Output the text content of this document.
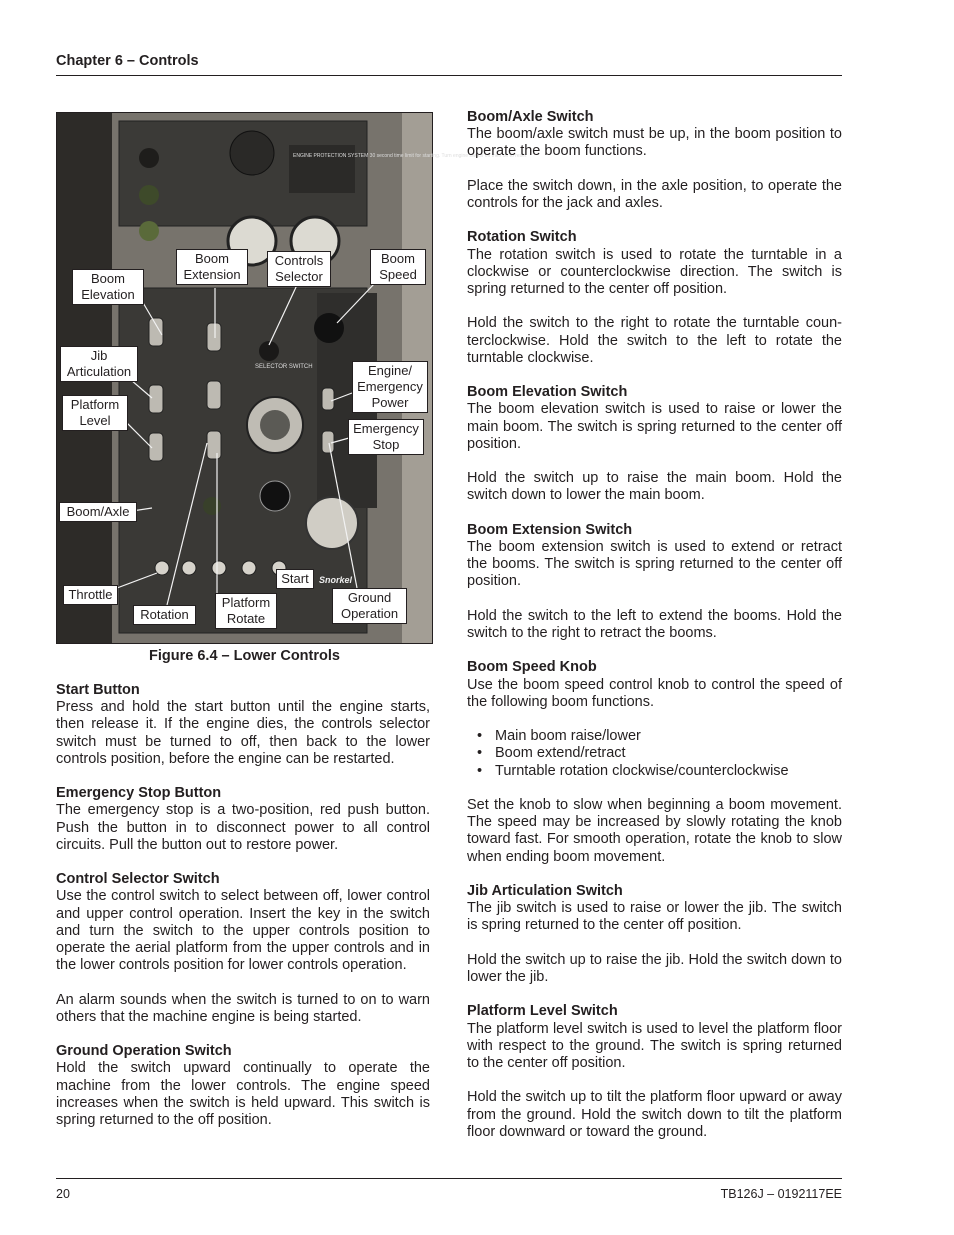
Chapter 6 – Controls
ENGINE PROTECTION SYSTEM 30 second time limit for starting. Turn engine switch off then on to reset
SELECTOR SWITCH
Snorkel
Boom Elevation
Boom Extension
Controls Selector
Boom Speed
Jib Articulation	Engine/ Emergency Power
Platform Level
Emergency Stop
Boom/Axle
Throttle
Start
Rotation
Platform Rotate
Ground Operation
Figure 6.4 – Lower Controls
Start Button

Press and hold the start button until the engine starts, then release it. If the engine dies, the controls selector switch must be turned to off, then back to the lower controls position, before the engine can be restarted.

Emergency Stop Button

The emergency stop is a two-position, red push button. Push the button in to disconnect power to all control circuits. Pull the button out to restore power.

Control Selector Switch

Use the control switch to select between off, lower control and upper control operation. Insert the key in the switch and turn the switch to the upper controls position to operate the aerial platform from the upper controls and in the lower controls position for lower controls operation.

An alarm sounds when the switch is turned to on to warn others that the machine engine is being started.

Ground Operation Switch

Hold the switch upward continually to operate the machine from the lower controls. The engine speed increases when the switch is held upward. This switch is spring returned to the off position.

Boom/Axle Switch

The boom/axle switch must be up, in the boom position to operate the boom functions.

Place the switch down, in the axle position, to operate the controls for the jack and axles.

Rotation Switch

The rotation switch is used to rotate the turntable in a clockwise or counterclockwise direction. The switch is spring returned to the center off position.

Hold the switch to the right to rotate the turntable coun-terclockwise. Hold the switch to the left to rotate the turntable clockwise.

Boom Elevation Switch

The boom elevation switch is used to raise or lower the main boom. The switch is spring returned to the center off position.

Hold the switch up to raise the main boom. Hold the switch down to lower the main boom.

Boom Extension Switch

The boom extension switch is used to extend or retract the booms. The switch is spring returned to the center off position.

Hold the switch to the left to extend the booms. Hold the switch to the right to retract the booms.

Boom Speed Knob

Use the boom speed control knob to control the speed of the following boom functions.

• Main boom raise/lower
• Boom extend/retract
• Turntable rotation clockwise/counterclockwise

Set the knob to slow when beginning a boom movement. The speed may be increased by slowly rotating the knob toward fast. For smooth operation, rotate the knob to slow when ending boom movement.

Jib Articulation Switch

The jib switch is used to raise or lower the jib. The switch is spring returned to the center off position.

Hold the switch up to raise the jib. Hold the switch down to lower the jib.

Platform Level Switch

The platform level switch is used to level the platform floor with respect to the ground. The switch is spring returned to the center off position.

Hold the switch up to tilt the platform floor upward or away from the ground. Hold the switch down to tilt the platform floor downward or toward the ground.

20	TB126J – 0192117EE
